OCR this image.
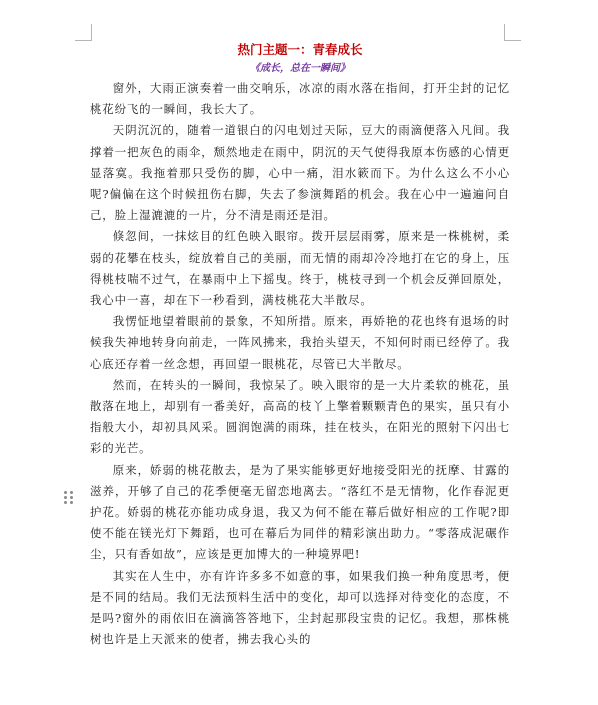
热门主题一：青春成长

《成长，总在一瞬间》

窗外，大雨正演奏着一曲交响乐，冰凉的雨水落在指间，打开尘封的记忆桃花纷飞的一瞬间，我长大了。

天阴沉沉的，随着一道银白的闪电划过天际，豆大的雨滴便落入凡间。我撑着一把灰色的雨伞，颓然地走在雨中，阴沉的天气使得我原本伤感的心情更显落寞。我拖着那只受伤的脚，心中一痛，泪水簌而下。为什么这么不小心呢?偏偏在这个时候扭伤右脚，失去了参演舞蹈的机会。我在心中一遍遍问自己，脸上湿漉漉的一片，分不清是雨还是泪。

倏忽间，一抹炫目的红色映入眼帘。拨开层层雨雾，原来是一株桃树，柔弱的花攀在枝头，绽放着自己的美丽，而无情的雨却冷冷地打在它的身上，压得桃枝喘不过气，在暴雨中上下摇曳。终于，桃枝寻到一个机会反弹回原处，我心中一喜，却在下一秒看到，满枝桃花大半散尽。

我愣怔地望着眼前的景象，不知所措。原来，再娇艳的花也终有退场的时候我失神地转身向前走，一阵风拂来，我抬头望天，不知何时雨已经停了。我心底还存着一丝念想，再回望一眼桃花，尽管已大半散尽。

然而，在转头的一瞬间，我惊呆了。映入眼帘的是一大片柔软的桃花，虽散落在地上，却别有一番美好，高高的枝丫上擎着颗颗青色的果实，虽只有小指般大小，却初具风采。圆润饱满的雨珠，挂在枝头，在阳光的照射下闪出七彩的光芒。

原来，娇弱的桃花散去，是为了果实能够更好地接受阳光的抚摩、甘露的滋养，开够了自己的花季便毫无留恋地离去。“落红不是无情物，化作春泥更护花。娇弱的桃花亦能功成身退，我又为何不能在幕后做好相应的工作呢?即使不能在镁光灯下舞蹈，也可在幕后为同伴的精彩演出助力。“零落成泥碾作尘，只有香如故”，应该是更加博大的一种境界吧!

其实在人生中，亦有许许多多不如意的事，如果我们换一种角度思考，便是不同的结局。我们无法预料生活中的变化，却可以选择对待变化的态度，不是吗?窗外的雨依旧在滴滴答答地下，尘封起那段宝贵的记忆。我想，那株桃树也许是上天派来的使者，拂去我心头的
